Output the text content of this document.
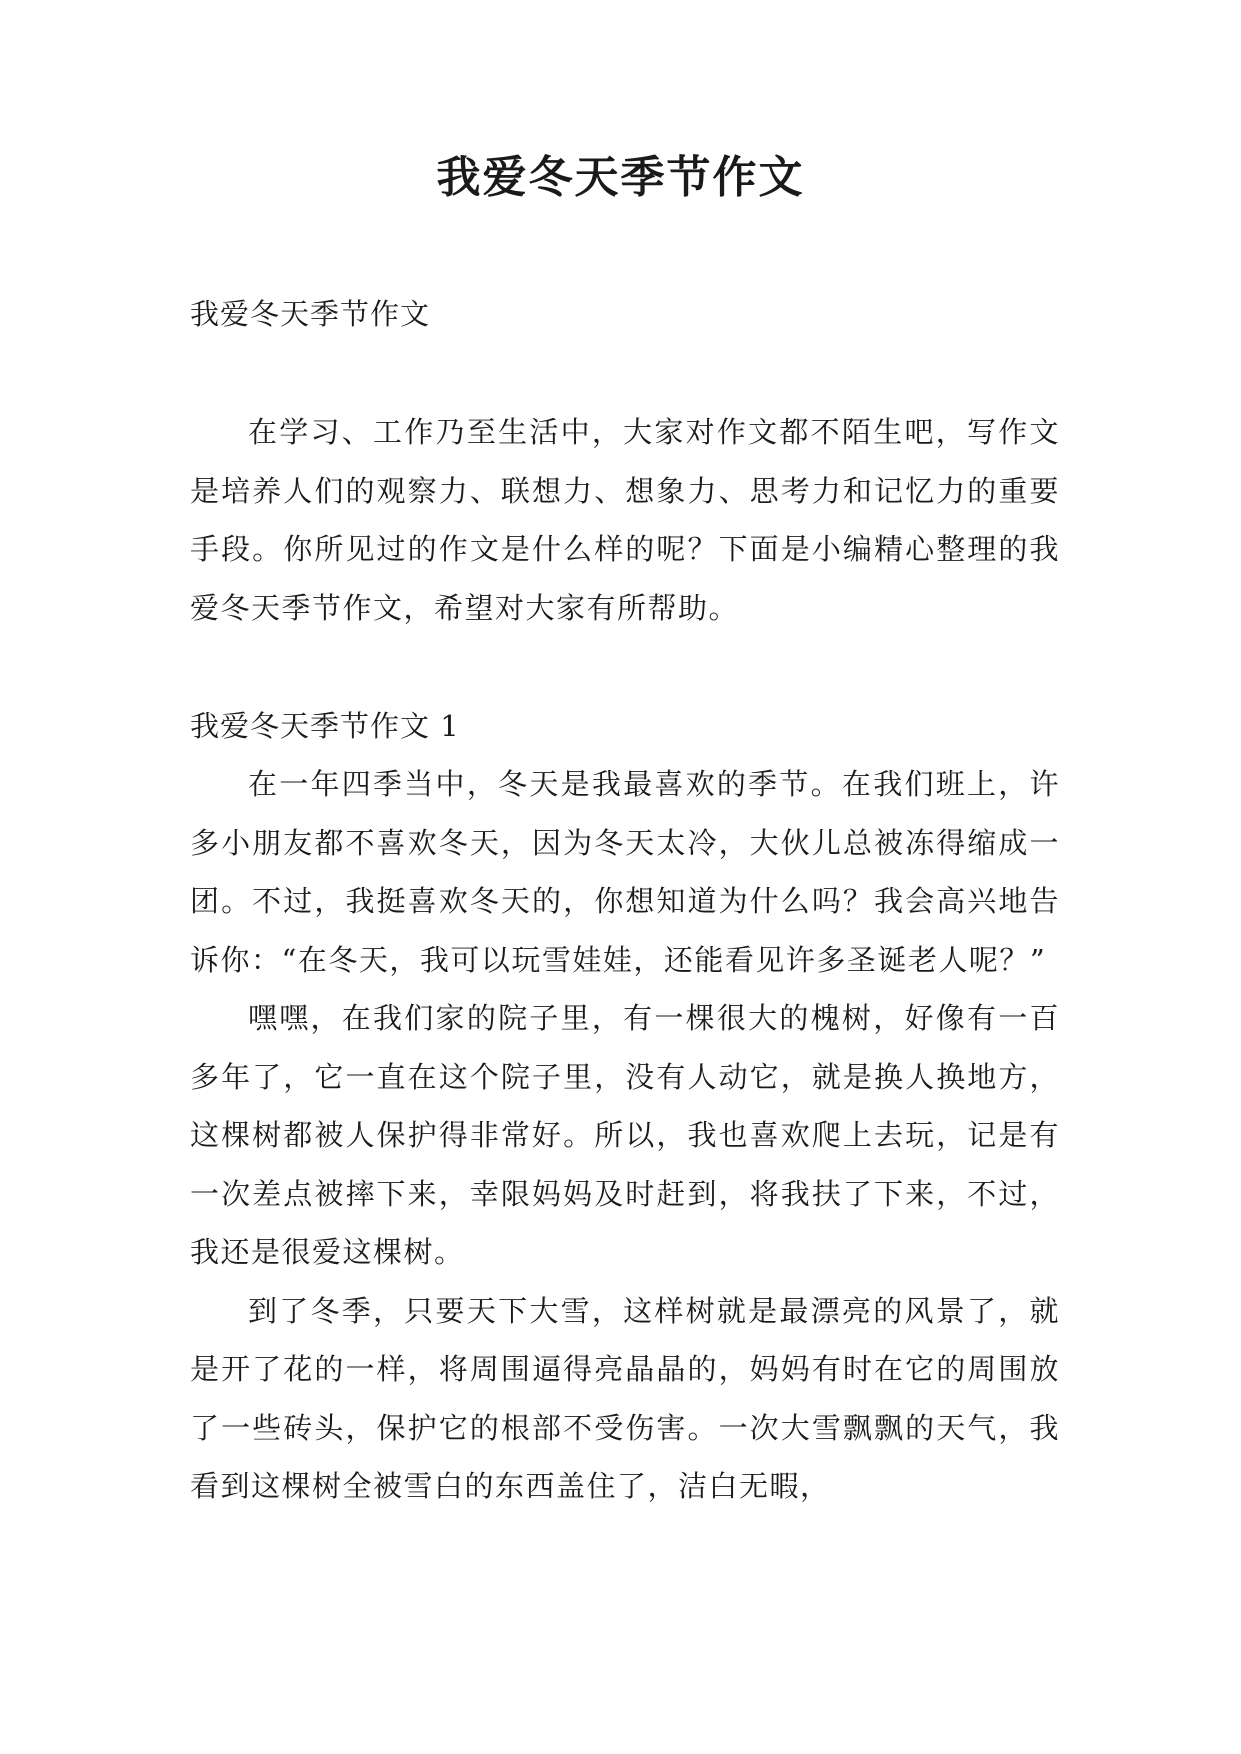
我爱冬天季节作文

我爱冬天季节作文

在学习、工作乃至生活中，大家对作文都不陌生吧，写作文是培养人们的观察力、联想力、想象力、思考力和记忆力的重要手段。你所见过的作文是什么样的呢？下面是小编精心整理的我爱冬天季节作文，希望对大家有所帮助。

我爱冬天季节作文 1

在一年四季当中，冬天是我最喜欢的季节。在我们班上，许多小朋友都不喜欢冬天，因为冬天太冷，大伙儿总被冻得缩成一团。不过，我挺喜欢冬天的，你想知道为什么吗？我会高兴地告诉你：“在冬天，我可以玩雪娃娃，还能看见许多圣诞老人呢？”

嘿嘿，在我们家的院子里，有一棵很大的槐树，好像有一百多年了，它一直在这个院子里，没有人动它，就是换人换地方，这棵树都被人保护得非常好。所以，我也喜欢爬上去玩，记是有一次差点被摔下来，幸限妈妈及时赶到，将我扶了下来，不过，我还是很爱这棵树。

到了冬季，只要天下大雪，这样树就是最漂亮的风景了，就是开了花的一样，将周围逼得亮晶晶的，妈妈有时在它的周围放了一些砖头，保护它的根部不受伤害。一次大雪飘飘的天气，我看到这棵树全被雪白的东西盖住了，洁白无暇，
